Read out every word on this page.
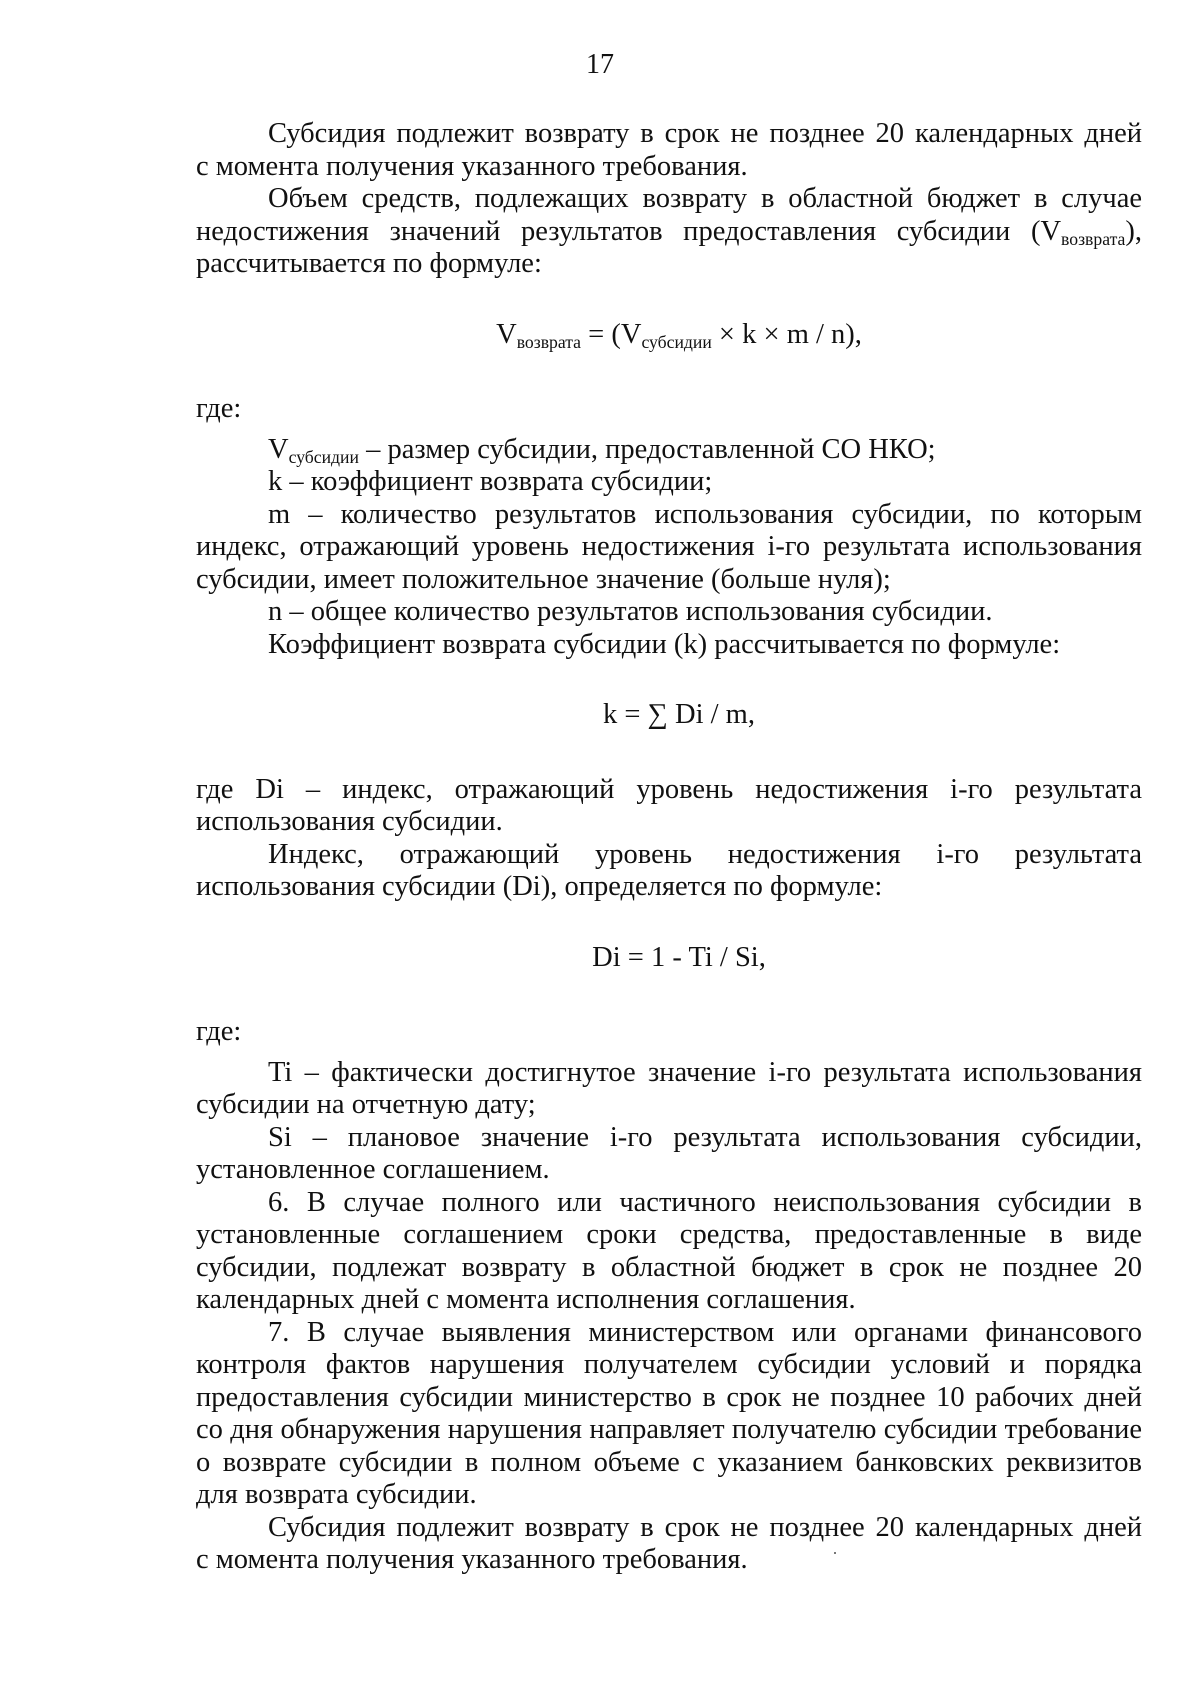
17

Субсидия подлежит возврату в срок не позднее 20 календарных дней

с момента получения указанного требования.

Объем средств, подлежащих возврату в областной бюджет в случае недостижения значений результатов предоставления субсидии $(V_{возврата})$, рассчитывается по формуле:

$V_{возврата} = (V_{субсидии} \times k \times m / n)$,

где:

$V_{субсидии}$ – размер субсидии, предоставленной СО НКО;

k – коэффициент возврата субсидии;

m – количество результатов использования субсидии, по которым индекс, отражающий уровень недостижения i-го результата использования субсидии, имеет положительное значение (больше нуля);

n – общее количество результатов использования субсидии.

Коэффициент возврата субсидии (k) рассчитывается по формуле:

k = ∑ Di / m,

где Di – индекс, отражающий уровень недостижения i-го результата использования субсидии.

Индекс, отражающий уровень недостижения i-го результата

использования субсидии (Di), определяется по формуле:

Di = 1 - Ti / Si,

где:

Ti – фактически достигнутое значение i-го результата использования субсидии на отчетную дату;

Si – плановое значение i-го результата использования субсидии, установленное соглашением.

6. В случае полного или частичного неиспользования субсидии в установленные соглашением сроки средства, предоставленные в виде субсидии, подлежат возврату в областной бюджет в срок не позднее 20 календарных дней с момента исполнения соглашения.

7. В случае выявления министерством или органами финансового контроля фактов нарушения получателем субсидии условий и порядка предоставления субсидии министерство в срок не позднее 10 рабочих дней со дня обнаружения нарушения направляет получателю субсидии требование о возврате субсидии в полном объеме с указанием банковских реквизитов для возврата субсидии.

Субсидия подлежит возврату в срок не позднее 20 календарных дней

с момента получения указанного требования.
